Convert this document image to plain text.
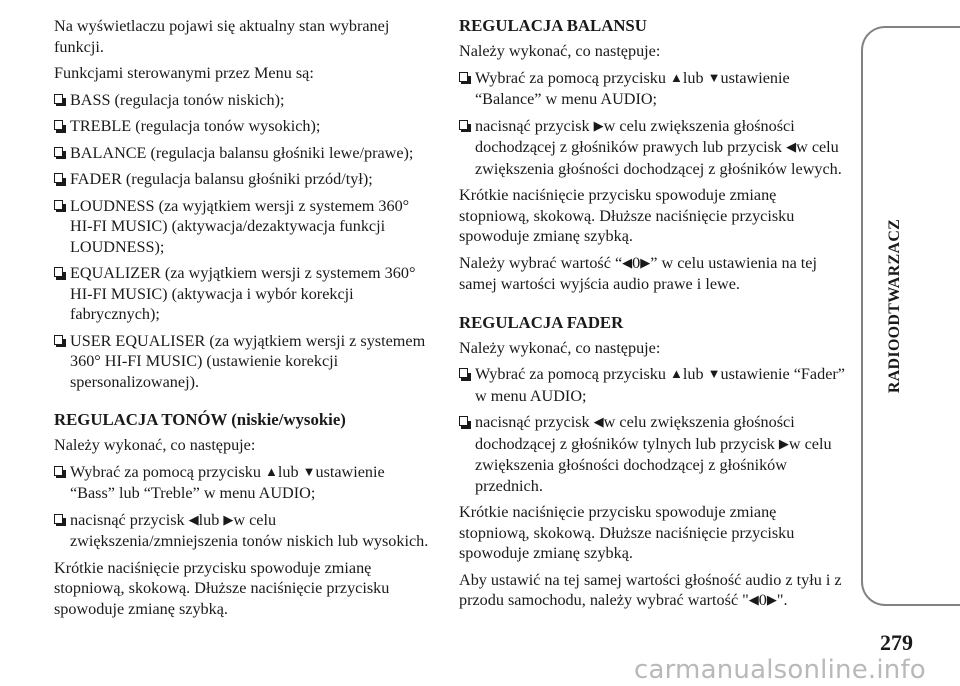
Na wyświetlaczu pojawi się aktualny stan wybranej funkcji.

Funkcjami sterowanymi przez Menu są:

BASS (regulacja tonów niskich);
TREBLE (regulacja tonów wysokich);
BALANCE (regulacja balansu głośniki lewe/prawe);
FADER (regulacja balansu głośniki przód/tył);
LOUDNESS (za wyjątkiem wersji z systemem 360° HI-FI MUSIC) (aktywacja/dezaktywacja funkcji LOUDNESS);
EQUALIZER (za wyjątkiem wersji z systemem 360° HI-FI MUSIC) (aktywacja i wybór korekcji fabrycznych);
USER EQUALISER (za wyjątkiem wersji z systemem 360° HI-FI MUSIC) (ustawienie korekcji spersonalizowanej).
REGULACJA TONÓW (niskie/wysokie)

Należy wykonać, co następuje:

Wybrać za pomocą przycisku ▲lub ▼ustawienie “Bass” lub “Treble” w menu AUDIO;
nacisnąć przycisk ◀lub ▶w celu zwiększenia/zmniejszenia tonów niskich lub wysokich.

Krótkie naciśnięcie przycisku spowoduje zmianę stopniową, skokową. Dłuższe naciśnięcie przycisku spowoduje zmianę szybką.

REGULACJA BALANSU

Należy wykonać, co następuje:

Wybrać za pomocą przycisku ▲lub ▼ustawienie “Balance” w menu AUDIO;
nacisnąć przycisk ▶w celu zwiększenia głośności dochodzącej z głośników prawych lub przycisk ◀w celu zwiększenia głośności dochodzącej z głośników lewych.

Krótkie naciśnięcie przycisku spowoduje zmianę stopniową, skokową. Dłuższe naciśnięcie przycisku spowoduje zmianę szybką.

Należy wybrać wartość “◀0▶” w celu ustawienia na tej samej wartości wyjścia audio prawe i lewe.

REGULACJA FADER

Należy wykonać, co następuje:

Wybrać za pomocą przycisku ▲lub ▼ustawienie “Fader” w menu AUDIO;
nacisnąć przycisk ◀w celu zwiększenia głośności dochodzącej z głośników tylnych lub przycisk ▶w celu zwiększenia głośności dochodzącej z głośników przednich.

Krótkie naciśnięcie przycisku spowoduje zmianę stopniową, skokową. Dłuższe naciśnięcie przycisku spowoduje zmianę szybką.

Aby ustawić na tej samej wartości głośność audio z tyłu i z przodu samochodu, należy wybrać wartość "◀0▶".

RADIOODTWARZACZ
279
carmanualsonline.info
